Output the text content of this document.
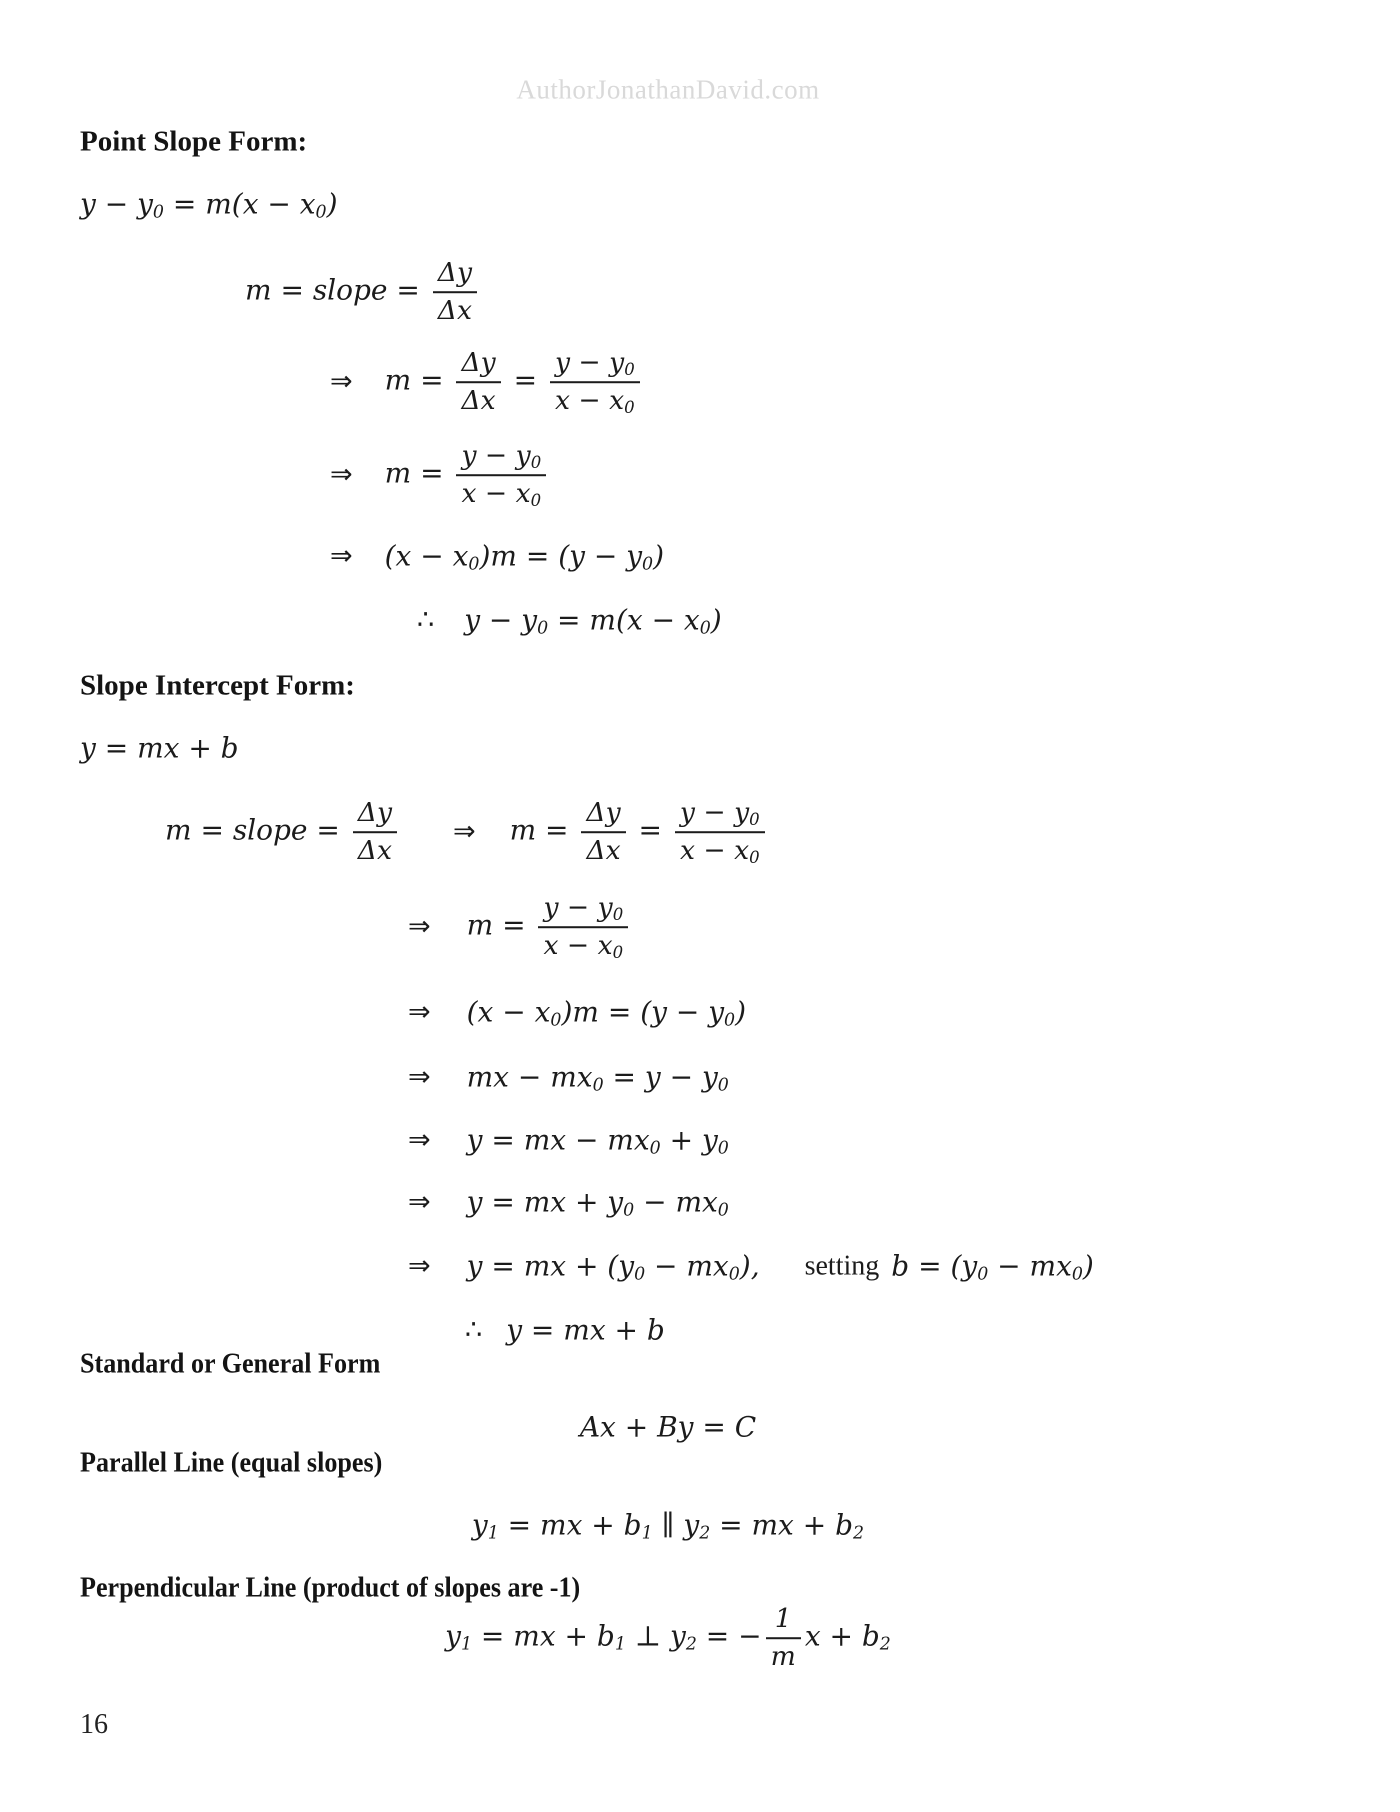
AuthorJonathanDavid.com
Point Slope Form:
$y - y_0 = m(x - x_0)$
m = slope = $\frac{\Delta y}{\Delta x}$
⇒ $m = \frac{\Delta y}{\Delta x} = \frac{y - y_0}{x - x_0}$
⇒ $m = \frac{y - y_0}{x - x_0}$
⇒ $(x - x_0)m = (y - y_0)$
∴ $y - y_0 = m(x - x_0)$
Slope Intercept Form:
y = mx + b
m = slope = $\frac{\Delta y}{\Delta x}$ ⇒ $m = \frac{\Delta y}{\Delta x} = \frac{y - y_0}{x - x_0}$
⇒ $m = \frac{y - y_0}{x - x_0}$
⇒ $(x - x_0)m = (y - y_0)$
⇒ mx − $mx_0 = y - y_0$
⇒ y = mx − $mx_0 + y_0$
⇒ y = mx + $y_0 - mx_0$
⇒ y = mx + $(y_0 - mx_0)$, setting $b = (y_0 - mx_0)$
∴ y = mx + b
Standard or General Form
Ax + By = C
Parallel Line (equal slopes)
$y_1$ = mx + $b_1$ ∥ $y_2$ = mx + $b_2$
Perpendicular Line (product of slopes are -1)
$y_1$ = mx + $b_1$ ⊥ $y_2$ = − $\frac{1}{m}$ $x + b_2$
16
